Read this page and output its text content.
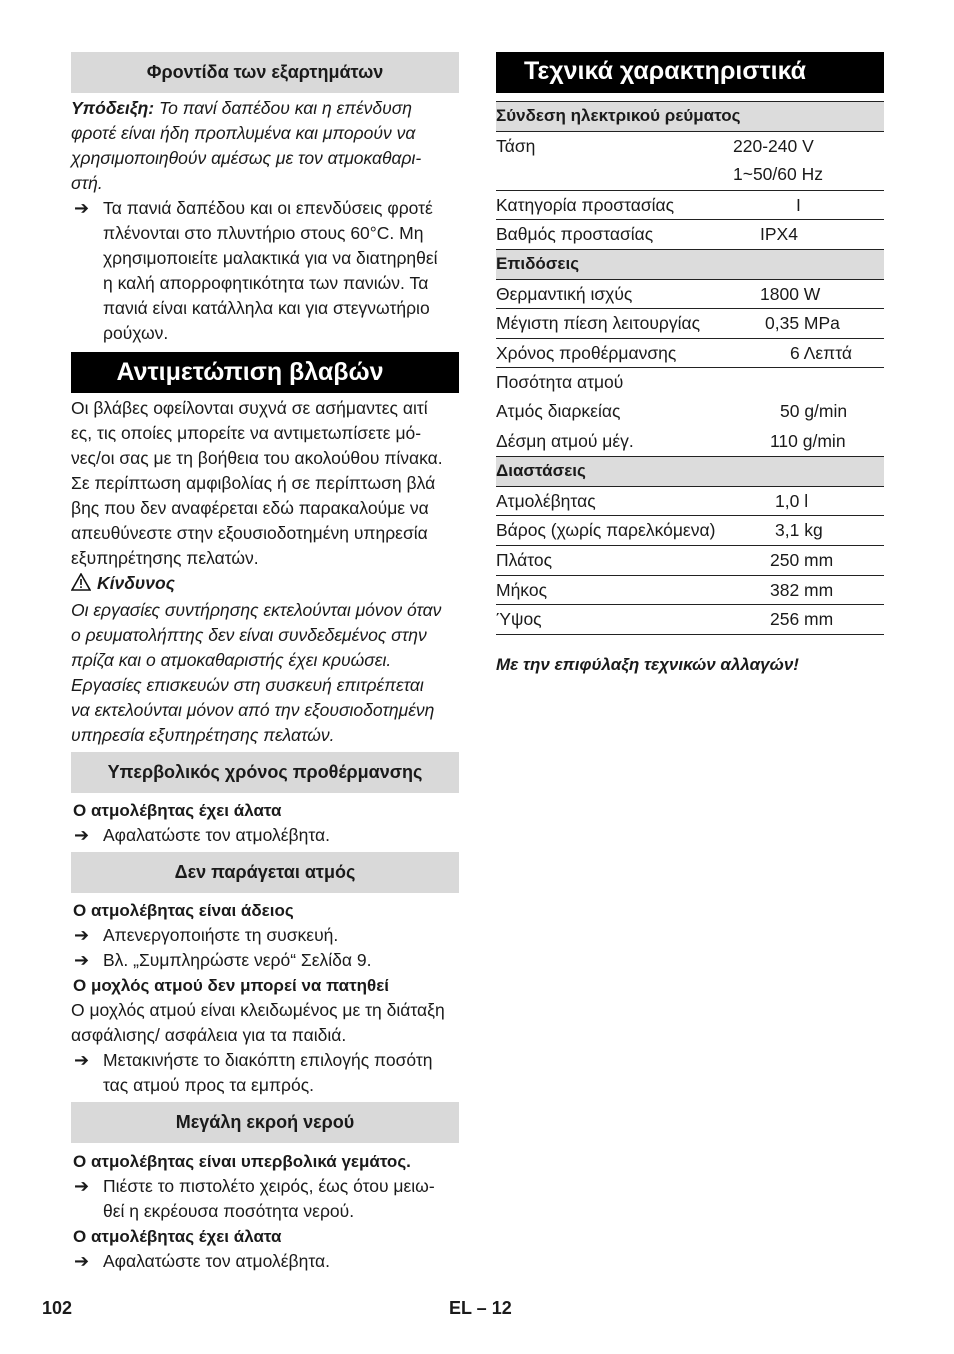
Φροντίδα των εξαρτημάτων
Υπόδειξη: Το πανί δαπέδου και η επένδυση
φροτέ είναι ήδη προπλυμένα και μπορούν να
χρησιμοποιηθούν αμέσως με τον ατμοκαθαρι-
στή.
➔ Τα πανιά δαπέδου και οι επενδύσεις φροτέ
πλένονται στο πλυντήριο στους 60°C. Μη
χρησιμοποιείτε μαλακτικά για να διατηρηθεί
η καλή απορροφητικότητα των πανιών. Τα
πανιά είναι κατάλληλα και για στεγνωτήριο
ρούχων.
Αντιμετώπιση βλαβών
Οι βλάβες οφείλονται συχνά σε ασήμαντες αιτί
ες, τις οποίες μπορείτε να αντιμετωπίσετε μό-
νες/οι σας με τη βοήθεια του ακολούθου πίνακα.
Σε περίπτωση αμφιβολίας ή σε περίπτωση βλά
βης που δεν αναφέρεται εδώ παρακαλούμε να
απευθύνεστε στην εξουσιοδοτημένη υπηρεσία
εξυπηρέτησης πελατών.
Κίνδυνος
Οι εργασίες συντήρησης εκτελούνται μόνον όταν
ο ρευματολήπτης δεν είναι συνδεδεμένος στην
πρίζα και ο ατμοκαθαριστής έχει κρυώσει.
Εργασίες επισκευών στη συσκευή επιτρέπεται
να εκτελούνται μόνον από την εξουσιοδοτημένη
υπηρεσία εξυπηρέτησης πελατών.
Υπερβολικός χρόνος προθέρμανσης
Ο ατμολέβητας έχει άλατα
➔ Αφαλατώστε τον ατμολέβητα.
Δεν παράγεται ατμός
Ο ατμολέβητας είναι άδειος
➔ Απενεργοποιήστε τη συσκευή.
➔ Βλ. „Συμπληρώστε νερό“ Σελίδα 9.
Ο μοχλός ατμού δεν μπορεί να πατηθεί
Ο μοχλός ατμού είναι κλειδωμένος με τη διάταξη
ασφάλισης/ ασφάλεια για τα παιδιά.
➔ Μετακινήστε το διακόπτη επιλογής ποσότη
τας ατμού προς τα εμπρός.
Μεγάλη εκροή νερού
Ο ατμολέβητας είναι υπερβολικά γεμάτος.
➔ Πιέστε το πιστολέτο χειρός, έως ότου μειω-
θεί η εκρέουσα ποσότητα νερού.
Ο ατμολέβητας έχει άλατα
➔ Αφαλατώστε τον ατμολέβητα.
Τεχνικά χαρακτηριστικά
Σύνδεση ηλεκτρικού ρεύματος
Τάση	220-240 V
1~50/60 Hz
Κατηγορία προστασίας	I
Βαθμός προστασίας	IPX4
Επιδόσεις
Θερμαντική ισχύς	1800 W
Μέγιστη πίεση λειτουργίας	0,35 MPa
Χρόνος προθέρμανσης	6 Λεπτά
Ποσότητα ατμού
Ατμός διαρκείας	50 g/min
Δέσμη ατμού μέγ.	110 g/min
Διαστάσεις
Ατμολέβητας	1,0 l
Βάρος (χωρίς παρελκόμενα)	3,1 kg
Πλάτος	250 mm
Μήκος	382 mm
Ύψος	256 mm
Με την επιφύλαξη τεχνικών αλλαγών!
102	EL – 12
